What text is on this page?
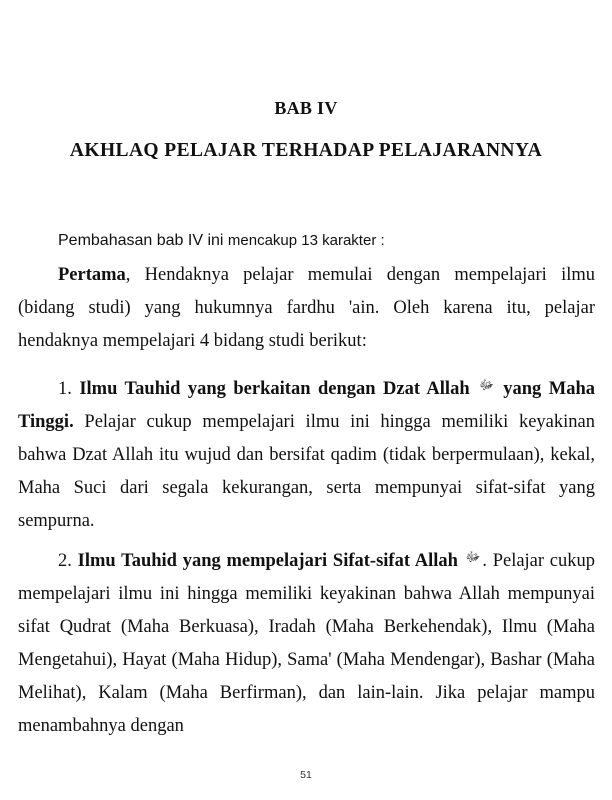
BAB IV
AKHLAQ PELAJAR TERHADAP PELAJARANNYA
Pembahasan bab IV ini mencakup 13 karakter :
Pertama, Hendaknya pelajar memulai dengan mempelajari ilmu (bidang studi) yang hukumnya fardhu 'ain. Oleh karena itu, pelajar hendaknya mempelajari 4 bidang studi berikut:
1. Ilmu Tauhid yang berkaitan dengan Dzat Allah $^ﷻ$ yang Maha Tinggi. Pelajar cukup mempelajari ilmu ini hingga memiliki keyakinan bahwa Dzat Allah itu wujud dan bersifat qadim (tidak berpermulaan), kekal, Maha Suci dari segala kekurangan, serta mempunyai sifat-sifat yang sempurna.
2. Ilmu Tauhid yang mempelajari Sifat-sifat Allah $^ﷻ$ . Pelajar cukup mempelajari ilmu ini hingga memiliki keyakinan bahwa Allah mempunyai sifat Qudrat (Maha Berkuasa), Iradah (Maha Berkehendak), Ilmu (Maha Mengetahui), Hayat (Maha Hidup), Sama' (Maha Mendengar), Bashar (Maha Melihat), Kalam (Maha Berfirman), dan lain-lain. Jika pelajar mampu menambahnya dengan
51
